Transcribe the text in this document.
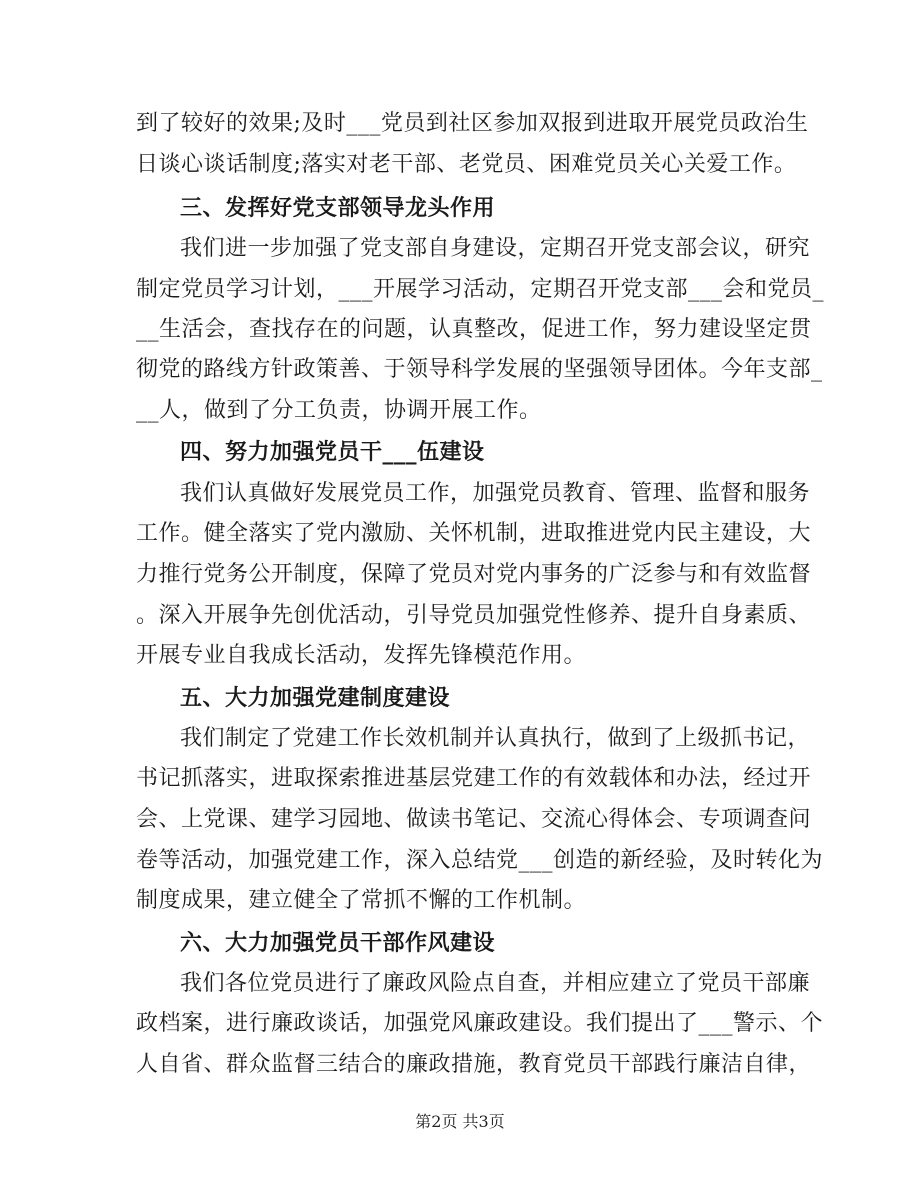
到了较好的效果;及时___党员到社区参加双报到进取开展党员政治生
日谈心谈话制度;落实对老干部、老党员、困难党员关心关爱工作。
三、发挥好党支部领导龙头作用
我们进一步加强了党支部自身建设，定期召开党支部会议，研究
制定党员学习计划，___开展学习活动，定期召开党支部___会和党员_
__生活会，查找存在的问题，认真整改，促进工作，努力建设坚定贯
彻党的路线方针政策善、于领导科学发展的坚强领导团体。今年支部_
__人，做到了分工负责，协调开展工作。
四、努力加强党员干___伍建设
我们认真做好发展党员工作，加强党员教育、管理、监督和服务
工作。健全落实了党内激励、关怀机制，进取推进党内民主建设，大
力推行党务公开制度，保障了党员对党内事务的广泛参与和有效监督
。深入开展争先创优活动，引导党员加强党性修养、提升自身素质、
开展专业自我成长活动，发挥先锋模范作用。
五、大力加强党建制度建设
我们制定了党建工作长效机制并认真执行，做到了上级抓书记，
书记抓落实，进取探索推进基层党建工作的有效载体和办法，经过开
会、上党课、建学习园地、做读书笔记、交流心得体会、专项调查问
卷等活动，加强党建工作，深入总结党___创造的新经验，及时转化为
制度成果，建立健全了常抓不懈的工作机制。
六、大力加强党员干部作风建设
我们各位党员进行了廉政风险点自查，并相应建立了党员干部廉
政档案，进行廉政谈话，加强党风廉政建设。我们提出了___警示、个
人自省、群众监督三结合的廉政措施，教育党员干部践行廉洁自律，
第2页 共3页
